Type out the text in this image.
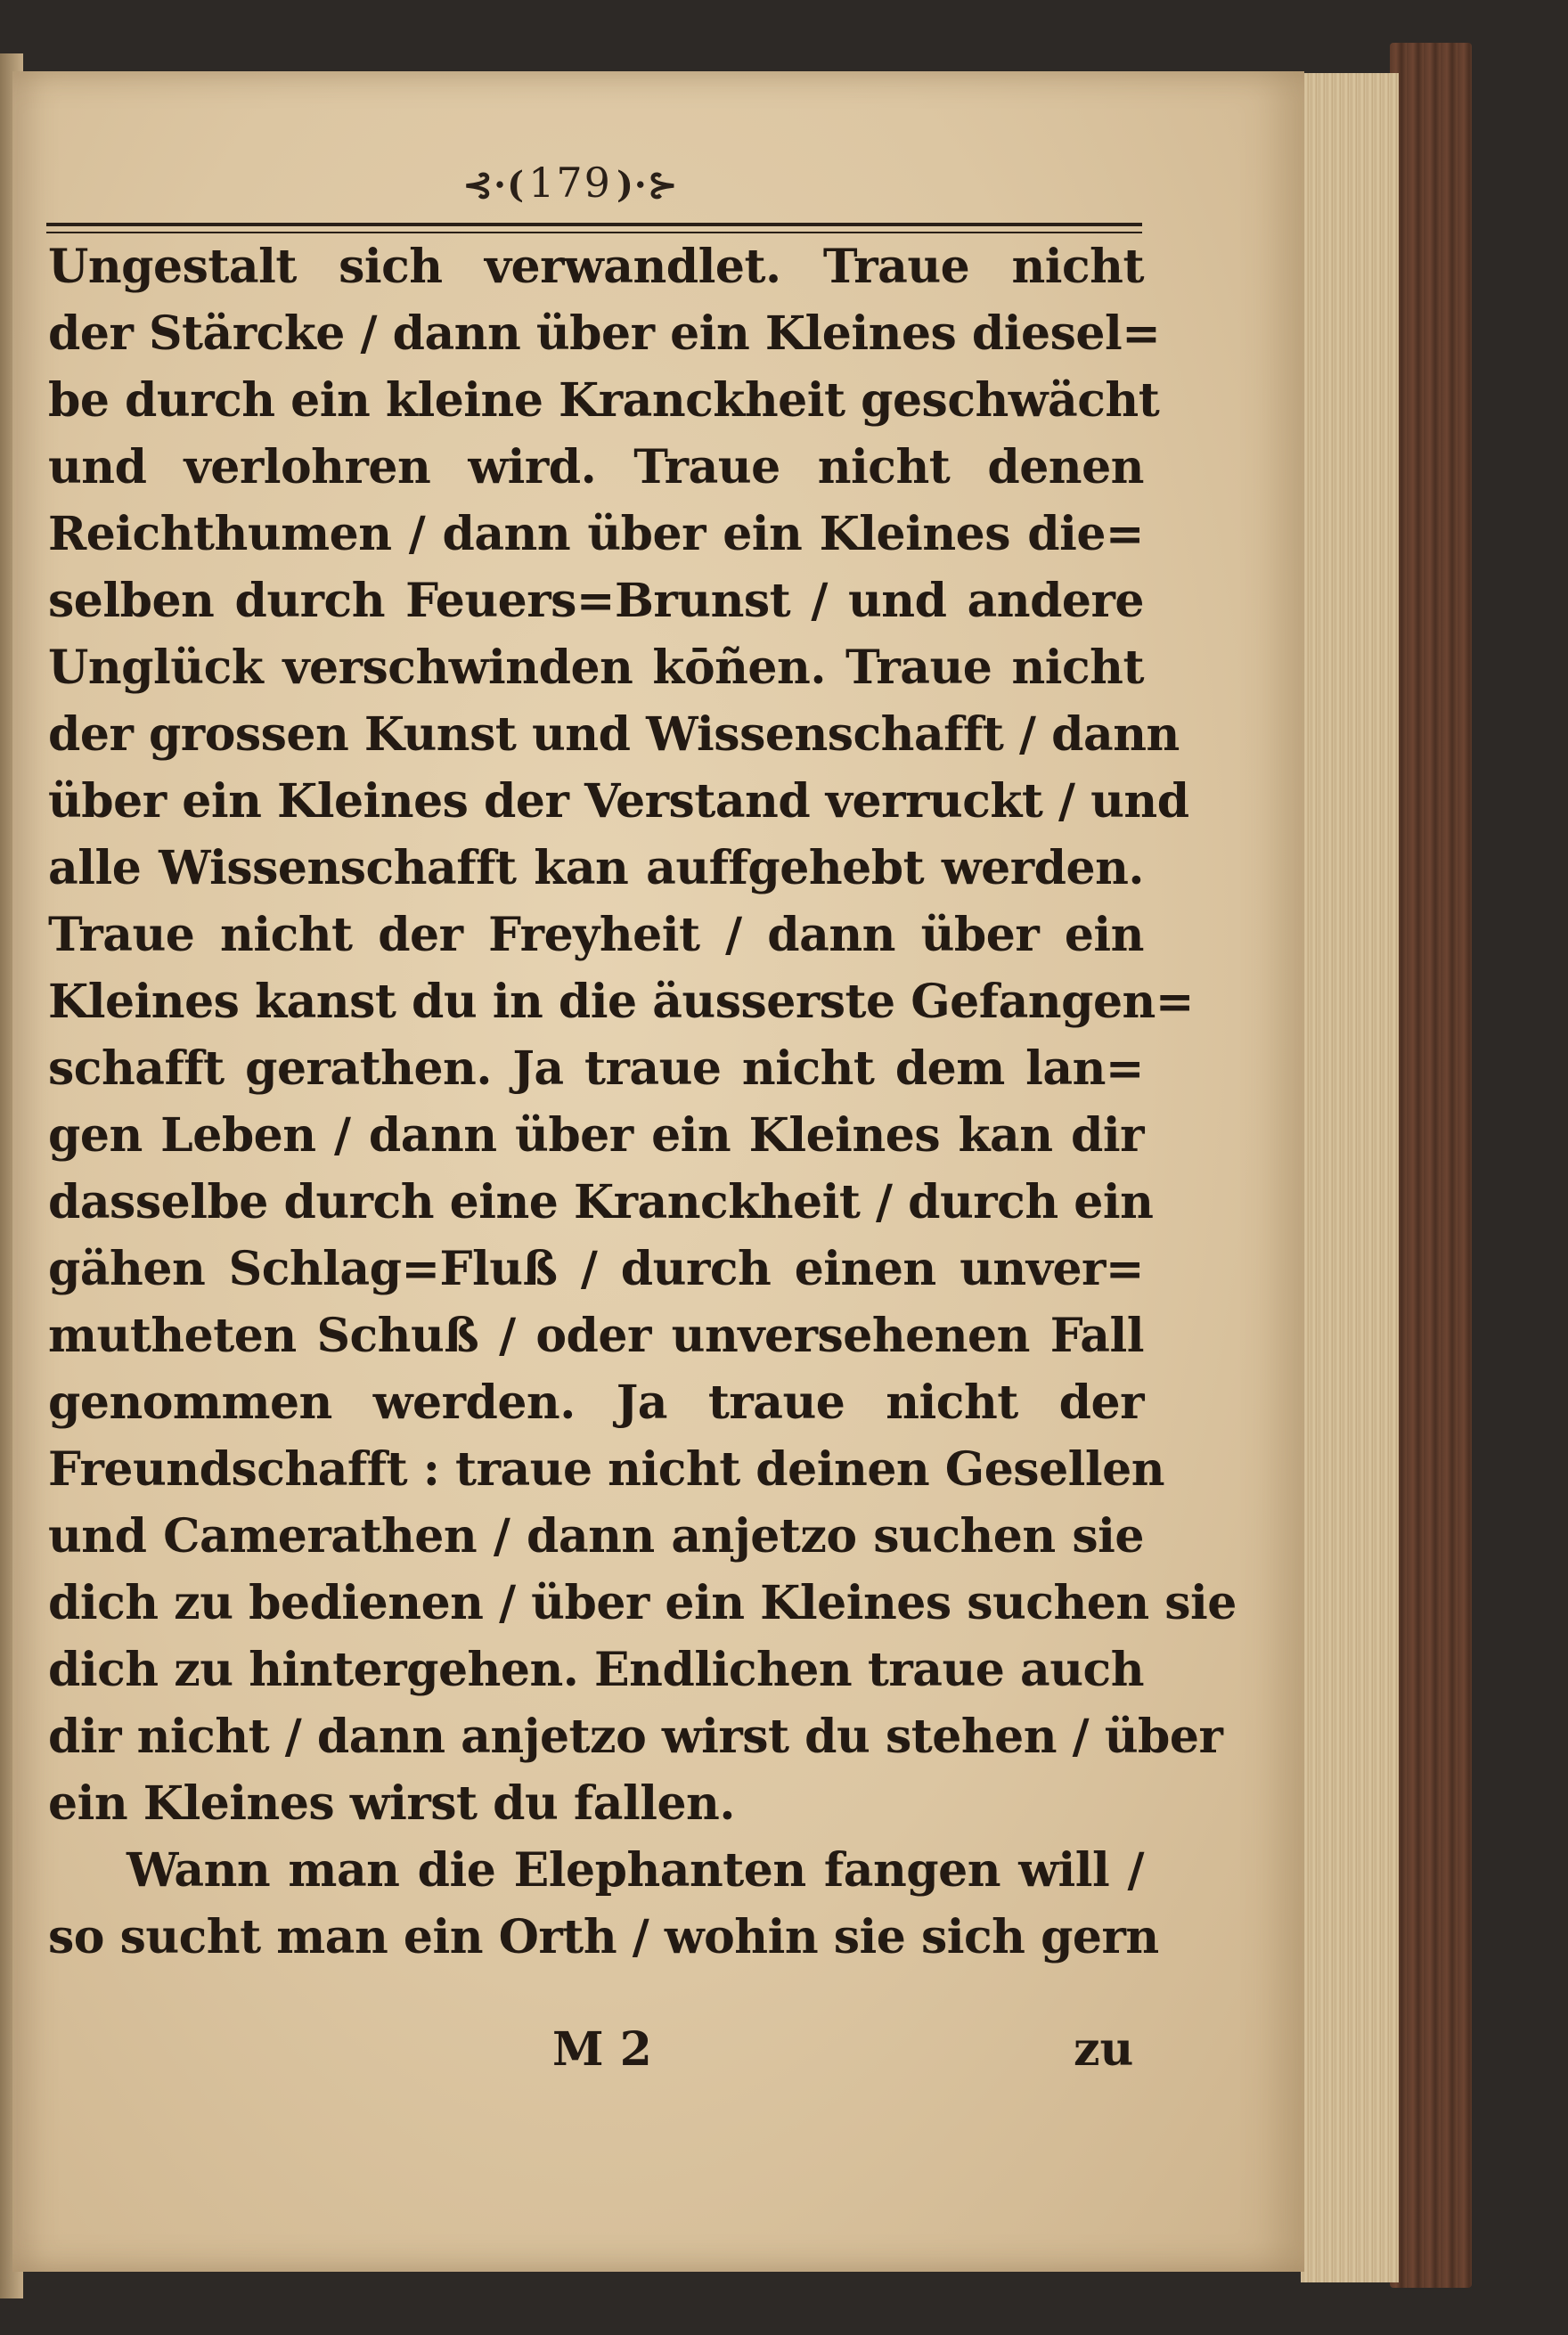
⊰⋅( 179 )⋅⊱
Ungestalt sich verwandlet. Traue nicht
der Stärcke / dann über ein Kleines diesel=
be durch ein kleine Kranckheit geschwächt
und verlohren wird. Traue nicht denen
Reichthumen / dann über ein Kleines die=
selben durch Feuers=Brunst / und andere
Unglück verschwinden kōñen. Traue nicht
der grossen Kunst und Wissenschafft / dann
über ein Kleines der Verstand verruckt / und
alle Wissenschafft kan auffgehebt werden.
Traue nicht der Freyheit / dann über ein
Kleines kanst du in die äusserste Gefangen=
schafft gerathen. Ja traue nicht dem lan=
gen Leben / dann über ein Kleines kan dir
dasselbe durch eine Kranckheit / durch ein
gähen Schlag=Fluß / durch einen unver=
mutheten Schuß / oder unversehenen Fall
genommen werden. Ja traue nicht der
Freundschafft : traue nicht deinen Gesellen
und Camerathen / dann anjetzo suchen sie
dich zu bedienen / über ein Kleines suchen sie
dich zu hintergehen. Endlichen traue auch
dir nicht / dann anjetzo wirst du stehen / über
ein Kleines wirst du fallen.
Wann man die Elephanten fangen will /
so sucht man ein Orth / wohin sie sich gern
M 2	zu
